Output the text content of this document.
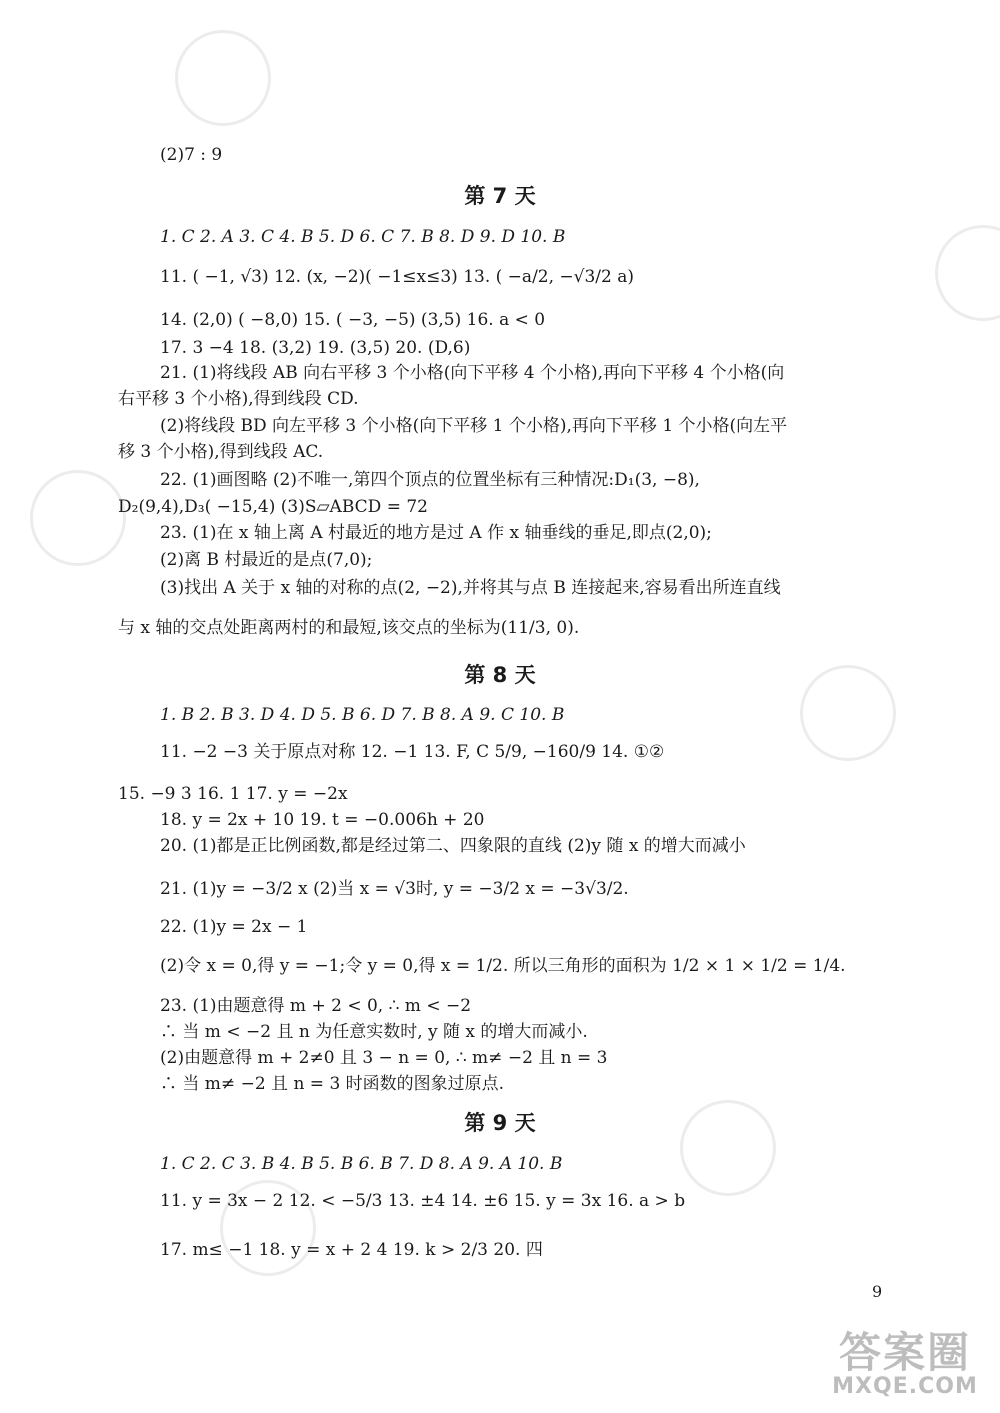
(2)7 : 9
第 7 天
1. C 2. A 3. C 4. B 5. D 6. C 7. B 8. D 9. D 10. B
11. ( −1, √3) 12. (x, −2)( −1≤x≤3) 13. ( −a/2, −√3/2 a)
14. (2,0) ( −8,0) 15. ( −3, −5) (3,5) 16. a < 0
17. 3 −4 18. (3,2) 19. (3,5) 20. (D,6)
21. (1)将线段 AB 向右平移 3 个小格(向下平移 4 个小格),再向下平移 4 个小格(向
右平移 3 个小格),得到线段 CD.
(2)将线段 BD 向左平移 3 个小格(向下平移 1 个小格),再向下平移 1 个小格(向左平
移 3 个小格),得到线段 AC.
22. (1)画图略 (2)不唯一,第四个顶点的位置坐标有三种情况:D₁(3, −8),
D₂(9,4),D₃( −15,4) (3)S▱ABCD = 72
23. (1)在 x 轴上离 A 村最近的地方是过 A 作 x 轴垂线的垂足,即点(2,0);
(2)离 B 村最近的是点(7,0);
(3)找出 A 关于 x 轴的对称的点(2, −2),并将其与点 B 连接起来,容易看出所连直线
与 x 轴的交点处距离两村的和最短,该交点的坐标为(11/3, 0).
第 8 天
1. B 2. B 3. D 4. D 5. B 6. D 7. B 8. A 9. C 10. B
11. −2 −3 关于原点对称 12. −1 13. F, C 5/9, −160/9 14. ①②
15. −9 3 16. 1 17. y = −2x
18. y = 2x + 10 19. t = −0.006h + 20
20. (1)都是正比例函数,都是经过第二、四象限的直线 (2)y 随 x 的增大而减小
21. (1)y = −3/2 x (2)当 x = √3时, y = −3/2 x = −3√3/2.
22. (1)y = 2x − 1
(2)令 x = 0,得 y = −1;令 y = 0,得 x = 1/2. 所以三角形的面积为 1/2 × 1 × 1/2 = 1/4.
23. (1)由题意得 m + 2 < 0, ∴ m < −2
∴ 当 m < −2 且 n 为任意实数时, y 随 x 的增大而减小.
(2)由题意得 m + 2≠0 且 3 − n = 0, ∴ m≠ −2 且 n = 3
∴ 当 m≠ −2 且 n = 3 时函数的图象过原点.
第 9 天
1. C 2. C 3. B 4. B 5. B 6. B 7. D 8. A 9. A 10. B
11. y = 3x − 2 12. < −5/3 13. ±4 14. ±6 15. y = 3x 16. a > b
17. m≤ −1 18. y = x + 2 4 19. k > 2/3 20. 四
9
答案圈
MXQE.COM
